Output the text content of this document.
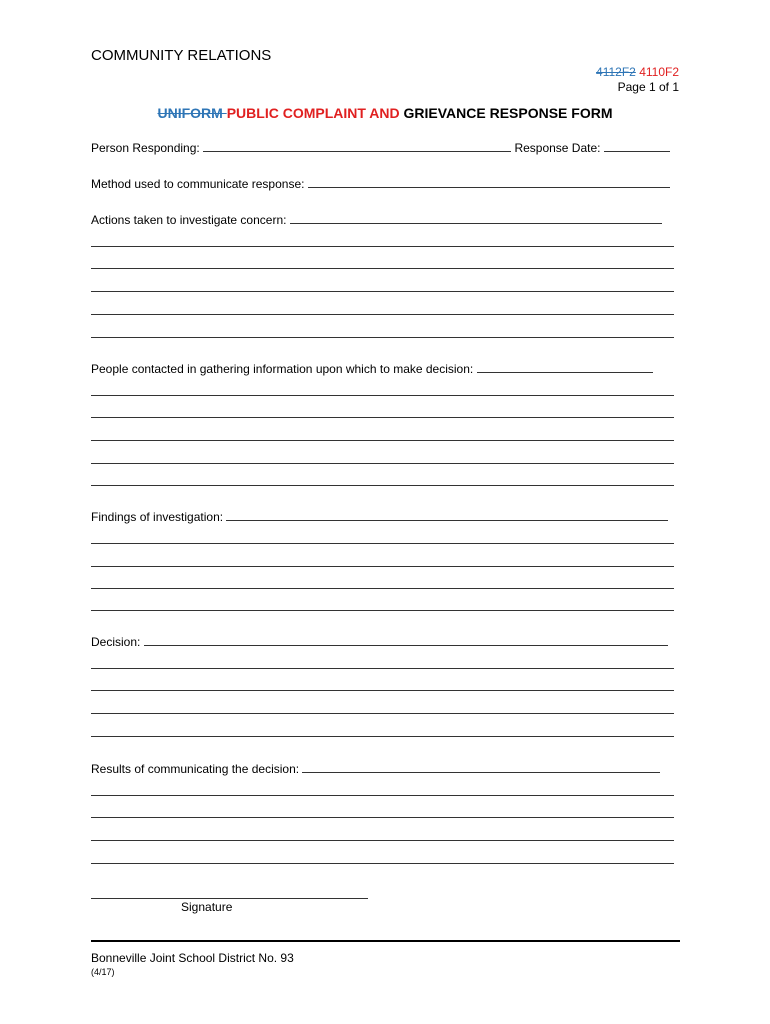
COMMUNITY RELATIONS
4112F2 4110F2
Page 1 of 1
UNIFORM PUBLIC COMPLAINT AND GRIEVANCE RESPONSE FORM
Person Responding:	Response Date:
Method used to communicate response:
Actions taken to investigate concern:
People contacted in gathering information upon which to make decision:
Findings of investigation:
Decision:
Results of communicating the decision:
Signature
Bonneville Joint School District No. 93
(4/17)
